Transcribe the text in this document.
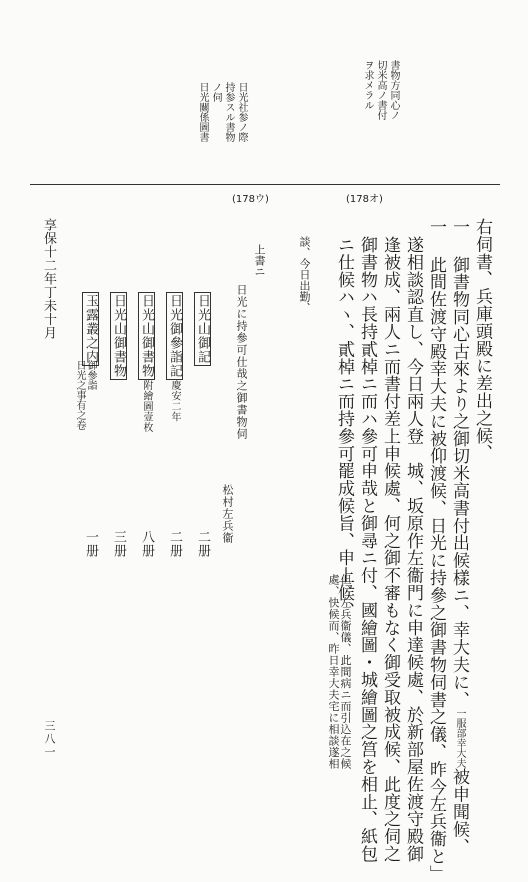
書物方同心ノ
切米高ノ書付
ヲ求メラル
日光社参ノ際
持参スル書物
ノ伺
日光關係圖書
(178オ)
(178ウ)
右伺書、兵庫頭殿に差出之候、
一 御書物同心古來より之御切米高書付出候樣ニ、幸大夫に、一服部幸大夫被申聞候、
一 此間佐渡守殿幸大夫に被仰渡候、日光に持參之御書物伺書之儀、昨今左兵衞と」
遂相談認直し、今日兩人登　城、坂原作左衞門に申達候處、於新部屋佐渡守殿御
逢被成、兩人ニ而書付差上申候處、何之御不審もなく御受取被成候、此度之伺之
御書物ハ長持貳棹ニ而ハ參可申哉と御尋ニ付、國繪圖・城繪圖之筥を相止、紙包
ニ仕候ハヽ、貳棹ニ而持參可罷成候旨、申上候、
但、左兵衞儀、此間病ニ而引込在之候
處、快候而、昨日幸大夫宅に相談遂相
談、今日出勤、
上書ニ
日光に持參可仕哉之御書物伺
松村左兵衞
日光山御記
二册
日光御參詣記慶安二年
二册
日光山御書物附繪圖壹枚
八册
日光山御書物
三册
玉露叢之内
御參詣
日光之事有之卷
一册
享保十二年丁未十月
三八一
